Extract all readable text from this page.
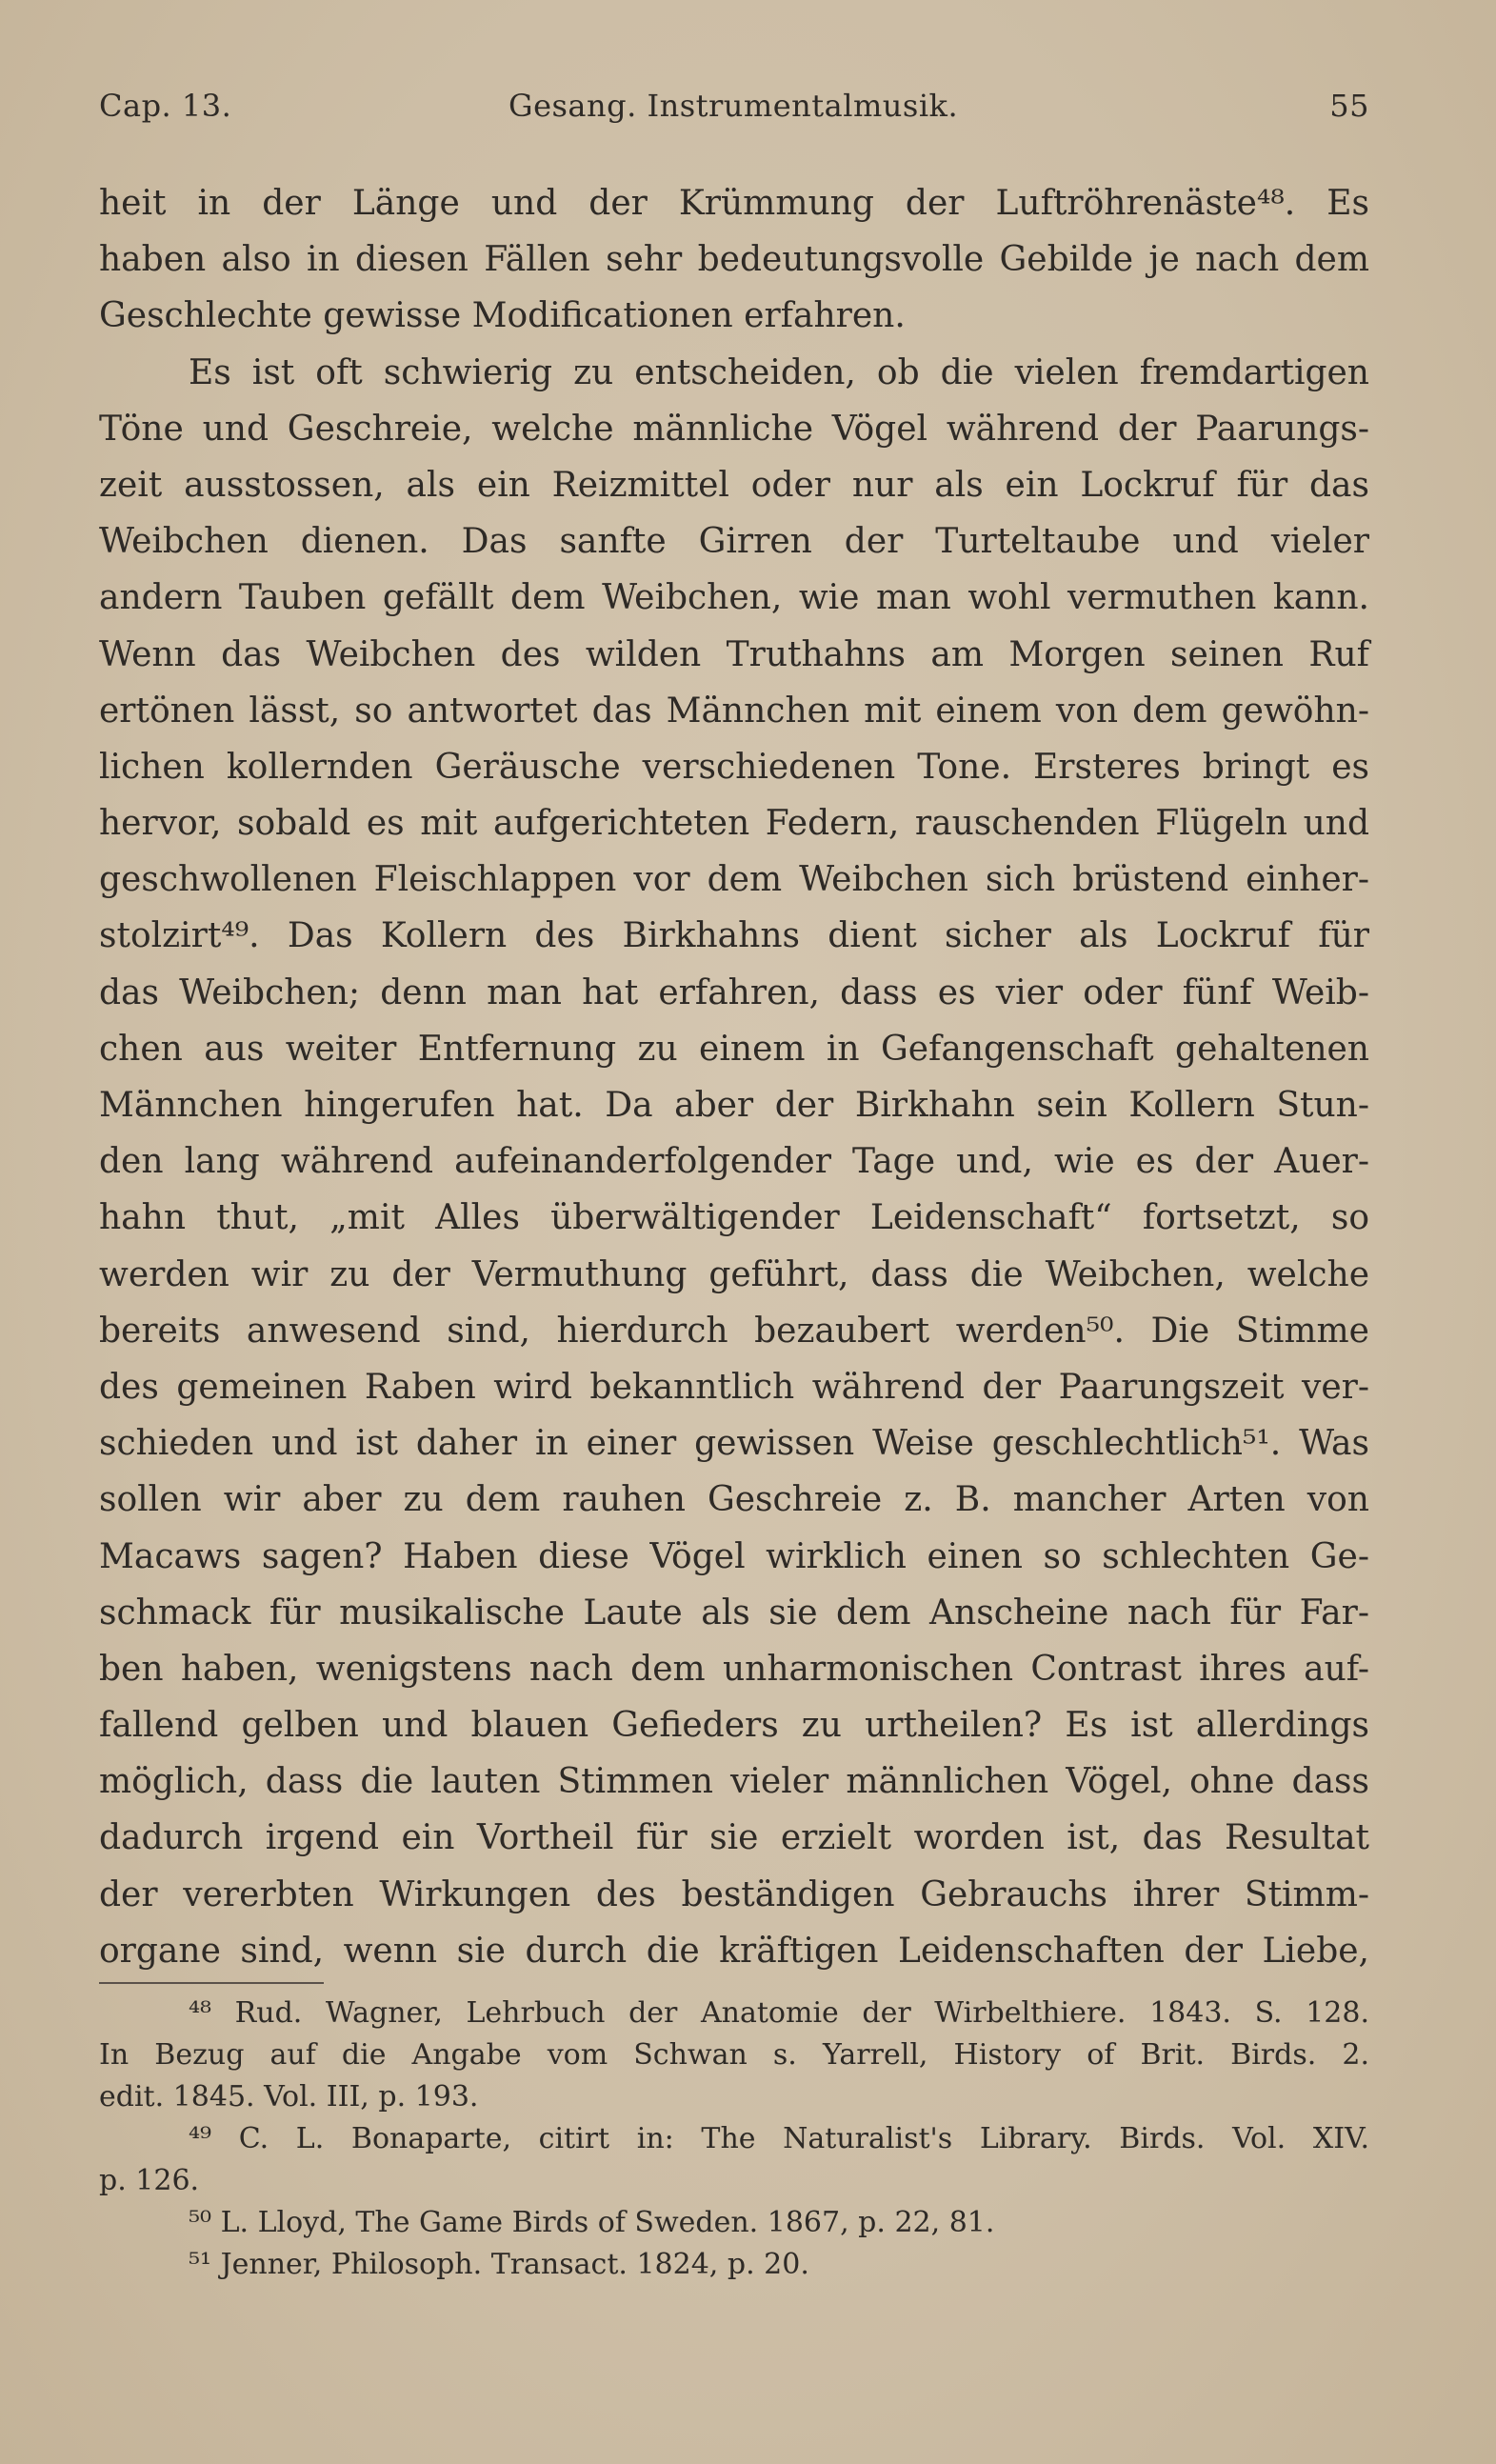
Cap. 13.	Gesang. Instrumentalmusik.	55
heit in der Länge und der Krümmung der Luftröhrenäste⁴⁸. Es
haben also in diesen Fällen sehr bedeutungsvolle Gebilde je nach dem
Geschlechte gewisse Modificationen erfahren.
Es ist oft schwierig zu entscheiden, ob die vielen fremdartigen
Töne und Geschreie, welche männliche Vögel während der Paarungs-
zeit ausstossen, als ein Reizmittel oder nur als ein Lockruf für das
Weibchen dienen. Das sanfte Girren der Turteltaube und vieler
andern Tauben gefällt dem Weibchen, wie man wohl vermuthen kann.
Wenn das Weibchen des wilden Truthahns am Morgen seinen Ruf
ertönen lässt, so antwortet das Männchen mit einem von dem gewöhn-
lichen kollernden Geräusche verschiedenen Tone. Ersteres bringt es
hervor, sobald es mit aufgerichteten Federn, rauschenden Flügeln und
geschwollenen Fleischlappen vor dem Weibchen sich brüstend einher-
stolzirt⁴⁹. Das Kollern des Birkhahns dient sicher als Lockruf für
das Weibchen; denn man hat erfahren, dass es vier oder fünf Weib-
chen aus weiter Entfernung zu einem in Gefangenschaft gehaltenen
Männchen hingerufen hat. Da aber der Birkhahn sein Kollern Stun-
den lang während aufeinanderfolgender Tage und, wie es der Auer-
hahn thut, „mit Alles überwältigender Leidenschaft“ fortsetzt, so
werden wir zu der Vermuthung geführt, dass die Weibchen, welche
bereits anwesend sind, hierdurch bezaubert werden⁵⁰. Die Stimme
des gemeinen Raben wird bekanntlich während der Paarungszeit ver-
schieden und ist daher in einer gewissen Weise geschlechtlich⁵¹. Was
sollen wir aber zu dem rauhen Geschreie z. B. mancher Arten von
Macaws sagen? Haben diese Vögel wirklich einen so schlechten Ge-
schmack für musikalische Laute als sie dem Anscheine nach für Far-
ben haben, wenigstens nach dem unharmonischen Contrast ihres auf-
fallend gelben und blauen Gefieders zu urtheilen? Es ist allerdings
möglich, dass die lauten Stimmen vieler männlichen Vögel, ohne dass
dadurch irgend ein Vortheil für sie erzielt worden ist, das Resultat
der vererbten Wirkungen des beständigen Gebrauchs ihrer Stimm-
organe sind, wenn sie durch die kräftigen Leidenschaften der Liebe,
⁴⁸ Rud. Wagner, Lehrbuch der Anatomie der Wirbelthiere. 1843. S. 128.
In Bezug auf die Angabe vom Schwan s. Yarrell, History of Brit. Birds. 2.
edit. 1845. Vol. III, p. 193.
⁴⁹ C. L. Bonaparte, citirt in: The Naturalist's Library. Birds. Vol. XIV.
p. 126.
⁵⁰ L. Lloyd, The Game Birds of Sweden. 1867, p. 22, 81.
⁵¹ Jenner, Philosoph. Transact. 1824, p. 20.
